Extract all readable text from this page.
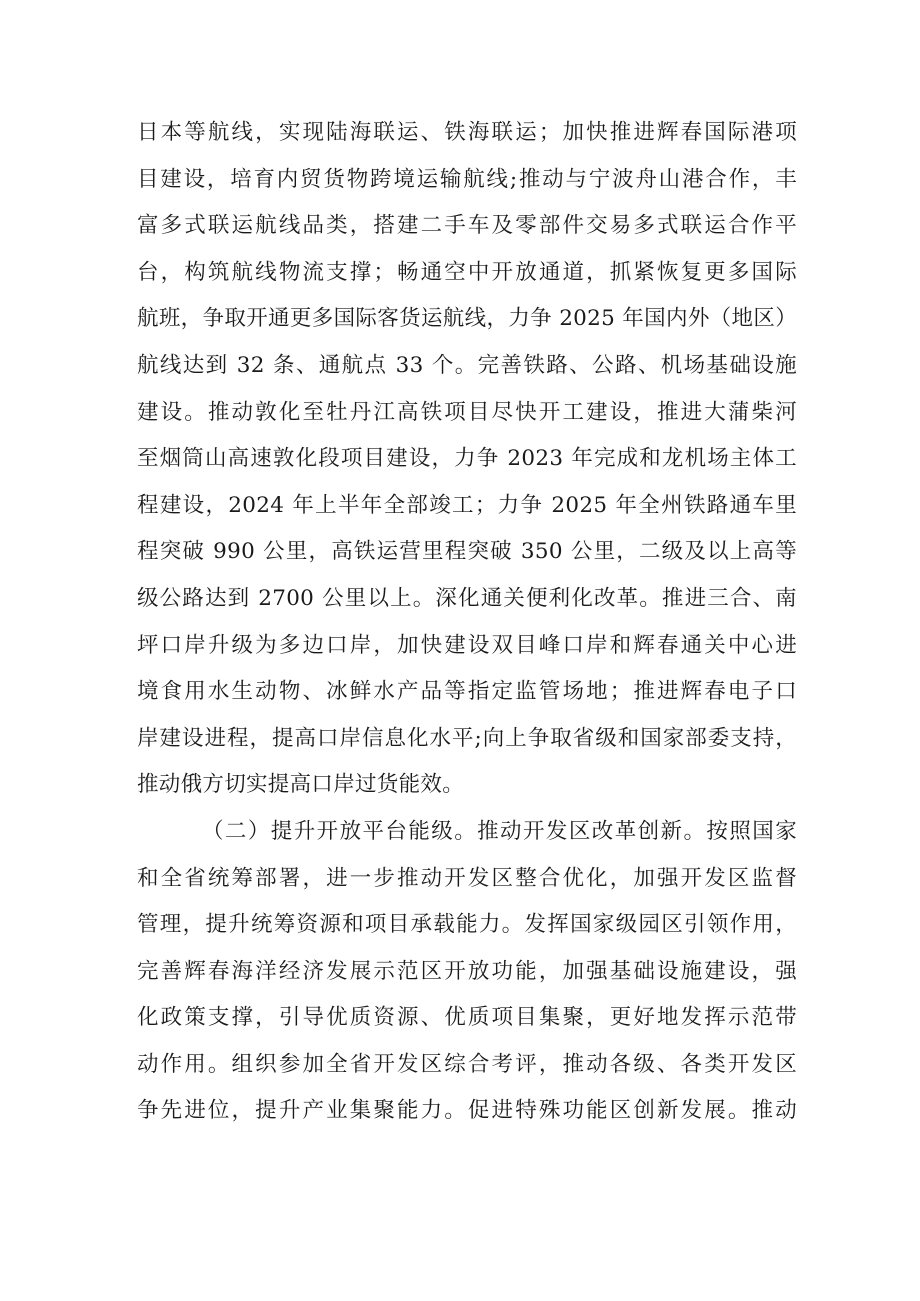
日本等航线，实现陆海联运、铁海联运；加快推进辉春国际港项
目建设，培育内贸货物跨境运输航线;推动与宁波舟山港合作，丰
富多式联运航线品类，搭建二手车及零部件交易多式联运合作平
台，构筑航线物流支撑；畅通空中开放通道，抓紧恢复更多国际
航班，争取开通更多国际客货运航线，力争 2025 年国内外（地区）
航线达到 32 条、通航点 33 个。完善铁路、公路、机场基础设施
建设。推动敦化至牡丹江高铁项目尽快开工建设，推进大蒲柴河
至烟筒山高速敦化段项目建设，力争 2023 年完成和龙机场主体工
程建设，2024 年上半年全部竣工；力争 2025 年全州铁路通车里
程突破 990 公里，高铁运营里程突破 350 公里，二级及以上高等
级公路达到 2700 公里以上。深化通关便利化改革。推进三合、南
坪口岸升级为多边口岸，加快建设双目峰口岸和辉春通关中心进
境食用水生动物、冰鲜水产品等指定监管场地；推进辉春电子口
岸建设进程，提高口岸信息化水平;向上争取省级和国家部委支持，
推动俄方切实提高口岸过货能效。
（二）提升开放平台能级。推动开发区改革创新。按照国家
和全省统筹部署，进一步推动开发区整合优化，加强开发区监督
管理，提升统筹资源和项目承载能力。发挥国家级园区引领作用，
完善辉春海洋经济发展示范区开放功能，加强基础设施建设，强
化政策支撑，引导优质资源、优质项目集聚，更好地发挥示范带
动作用。组织参加全省开发区综合考评，推动各级、各类开发区
争先进位，提升产业集聚能力。促进特殊功能区创新发展。推动
